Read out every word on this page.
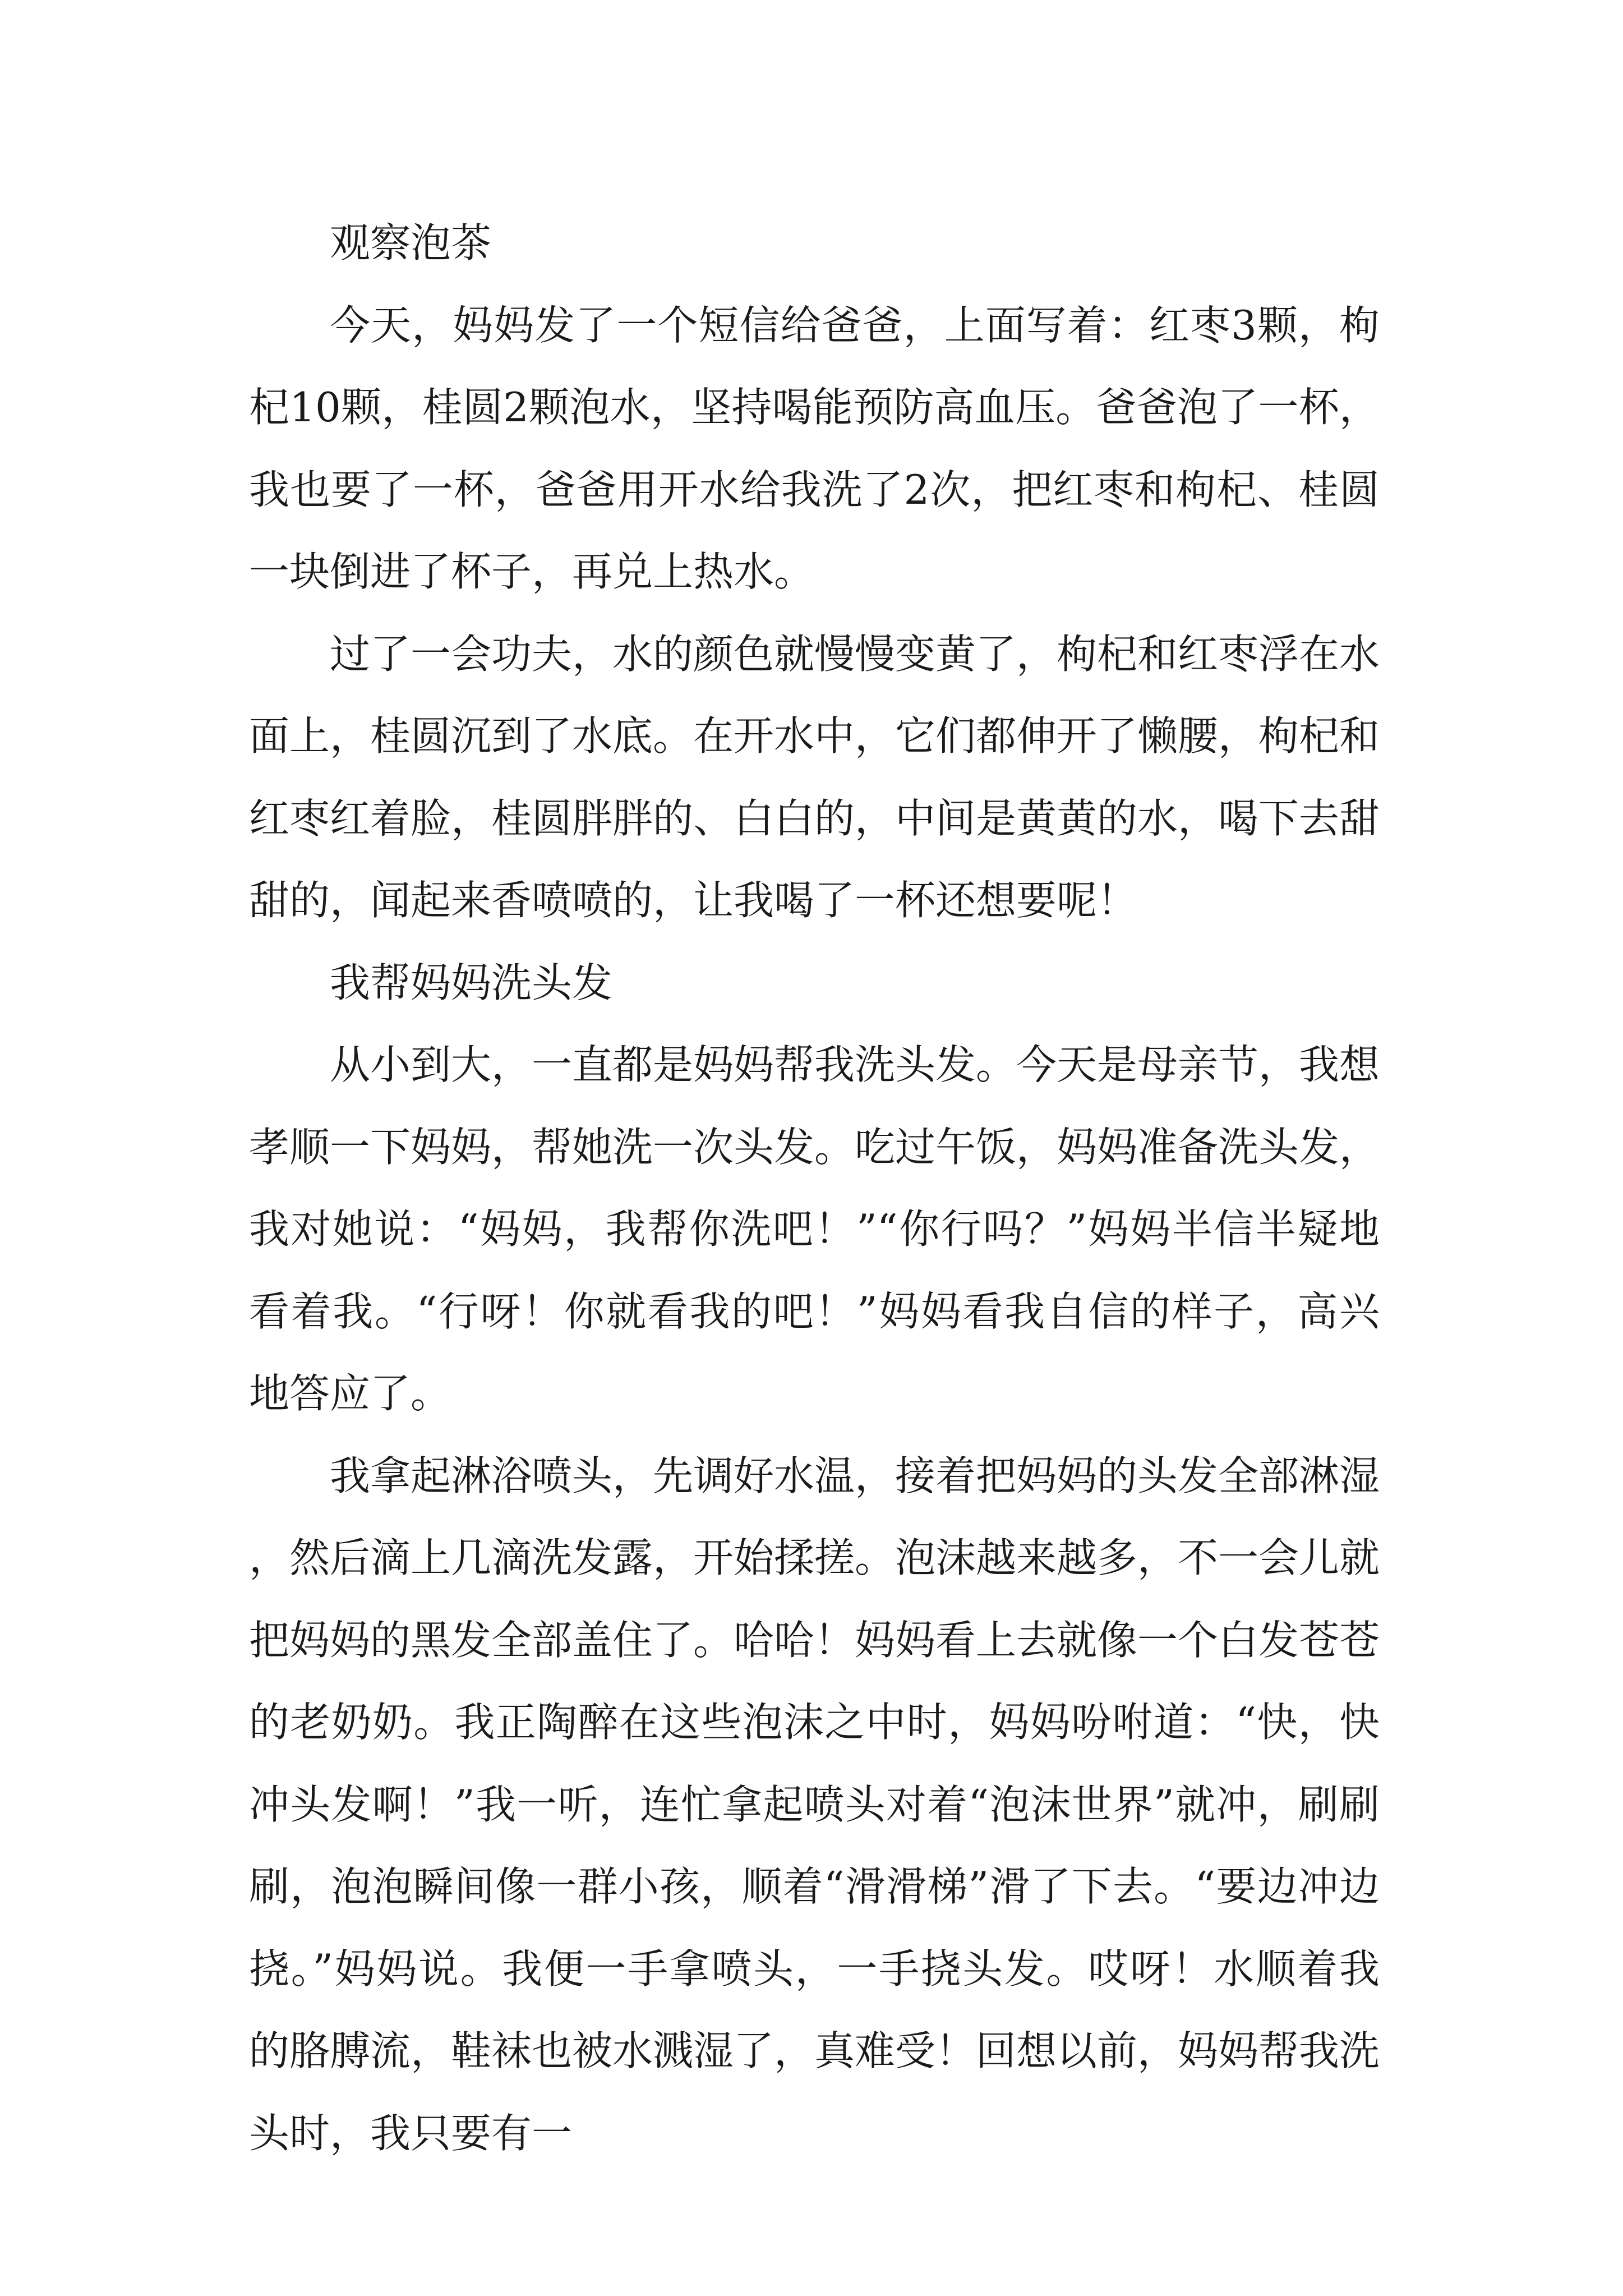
观察泡茶

今天，妈妈发了一个短信给爸爸，上面写着：红枣3颗，枸杞10颗，桂圆2颗泡水，坚持喝能预防高血压。爸爸泡了一杯，我也要了一杯，爸爸用开水给我洗了2次，把红枣和枸杞、桂圆一块倒进了杯子，再兑上热水。

过了一会功夫，水的颜色就慢慢变黄了，枸杞和红枣浮在水面上，桂圆沉到了水底。在开水中，它们都伸开了懒腰，枸杞和红枣红着脸，桂圆胖胖的、白白的，中间是黄黄的水，喝下去甜甜的，闻起来香喷喷的，让我喝了一杯还想要呢！

我帮妈妈洗头发

从小到大，一直都是妈妈帮我洗头发。今天是母亲节，我想孝顺一下妈妈，帮她洗一次头发。吃过午饭，妈妈准备洗头发，我对她说：“妈妈，我帮你洗吧！”“你行吗？”妈妈半信半疑地看着我。“行呀！你就看我的吧！”妈妈看我自信的样子，高兴地答应了。

我拿起淋浴喷头，先调好水温，接着把妈妈的头发全部淋湿，然后滴上几滴洗发露，开始揉搓。泡沫越来越多，不一会儿就把妈妈的黑发全部盖住了。哈哈！妈妈看上去就像一个白发苍苍的老奶奶。我正陶醉在这些泡沫之中时，妈妈吩咐道：“快，快冲头发啊！”我一听，连忙拿起喷头对着“泡沫世界”就冲，刷刷刷，泡泡瞬间像一群小孩，顺着“滑滑梯”滑了下去。“要边冲边挠。”妈妈说。我便一手拿喷头，一手挠头发。哎呀！水顺着我的胳膊流，鞋袜也被水溅湿了，真难受！回想以前，妈妈帮我洗头时，我只要有一
